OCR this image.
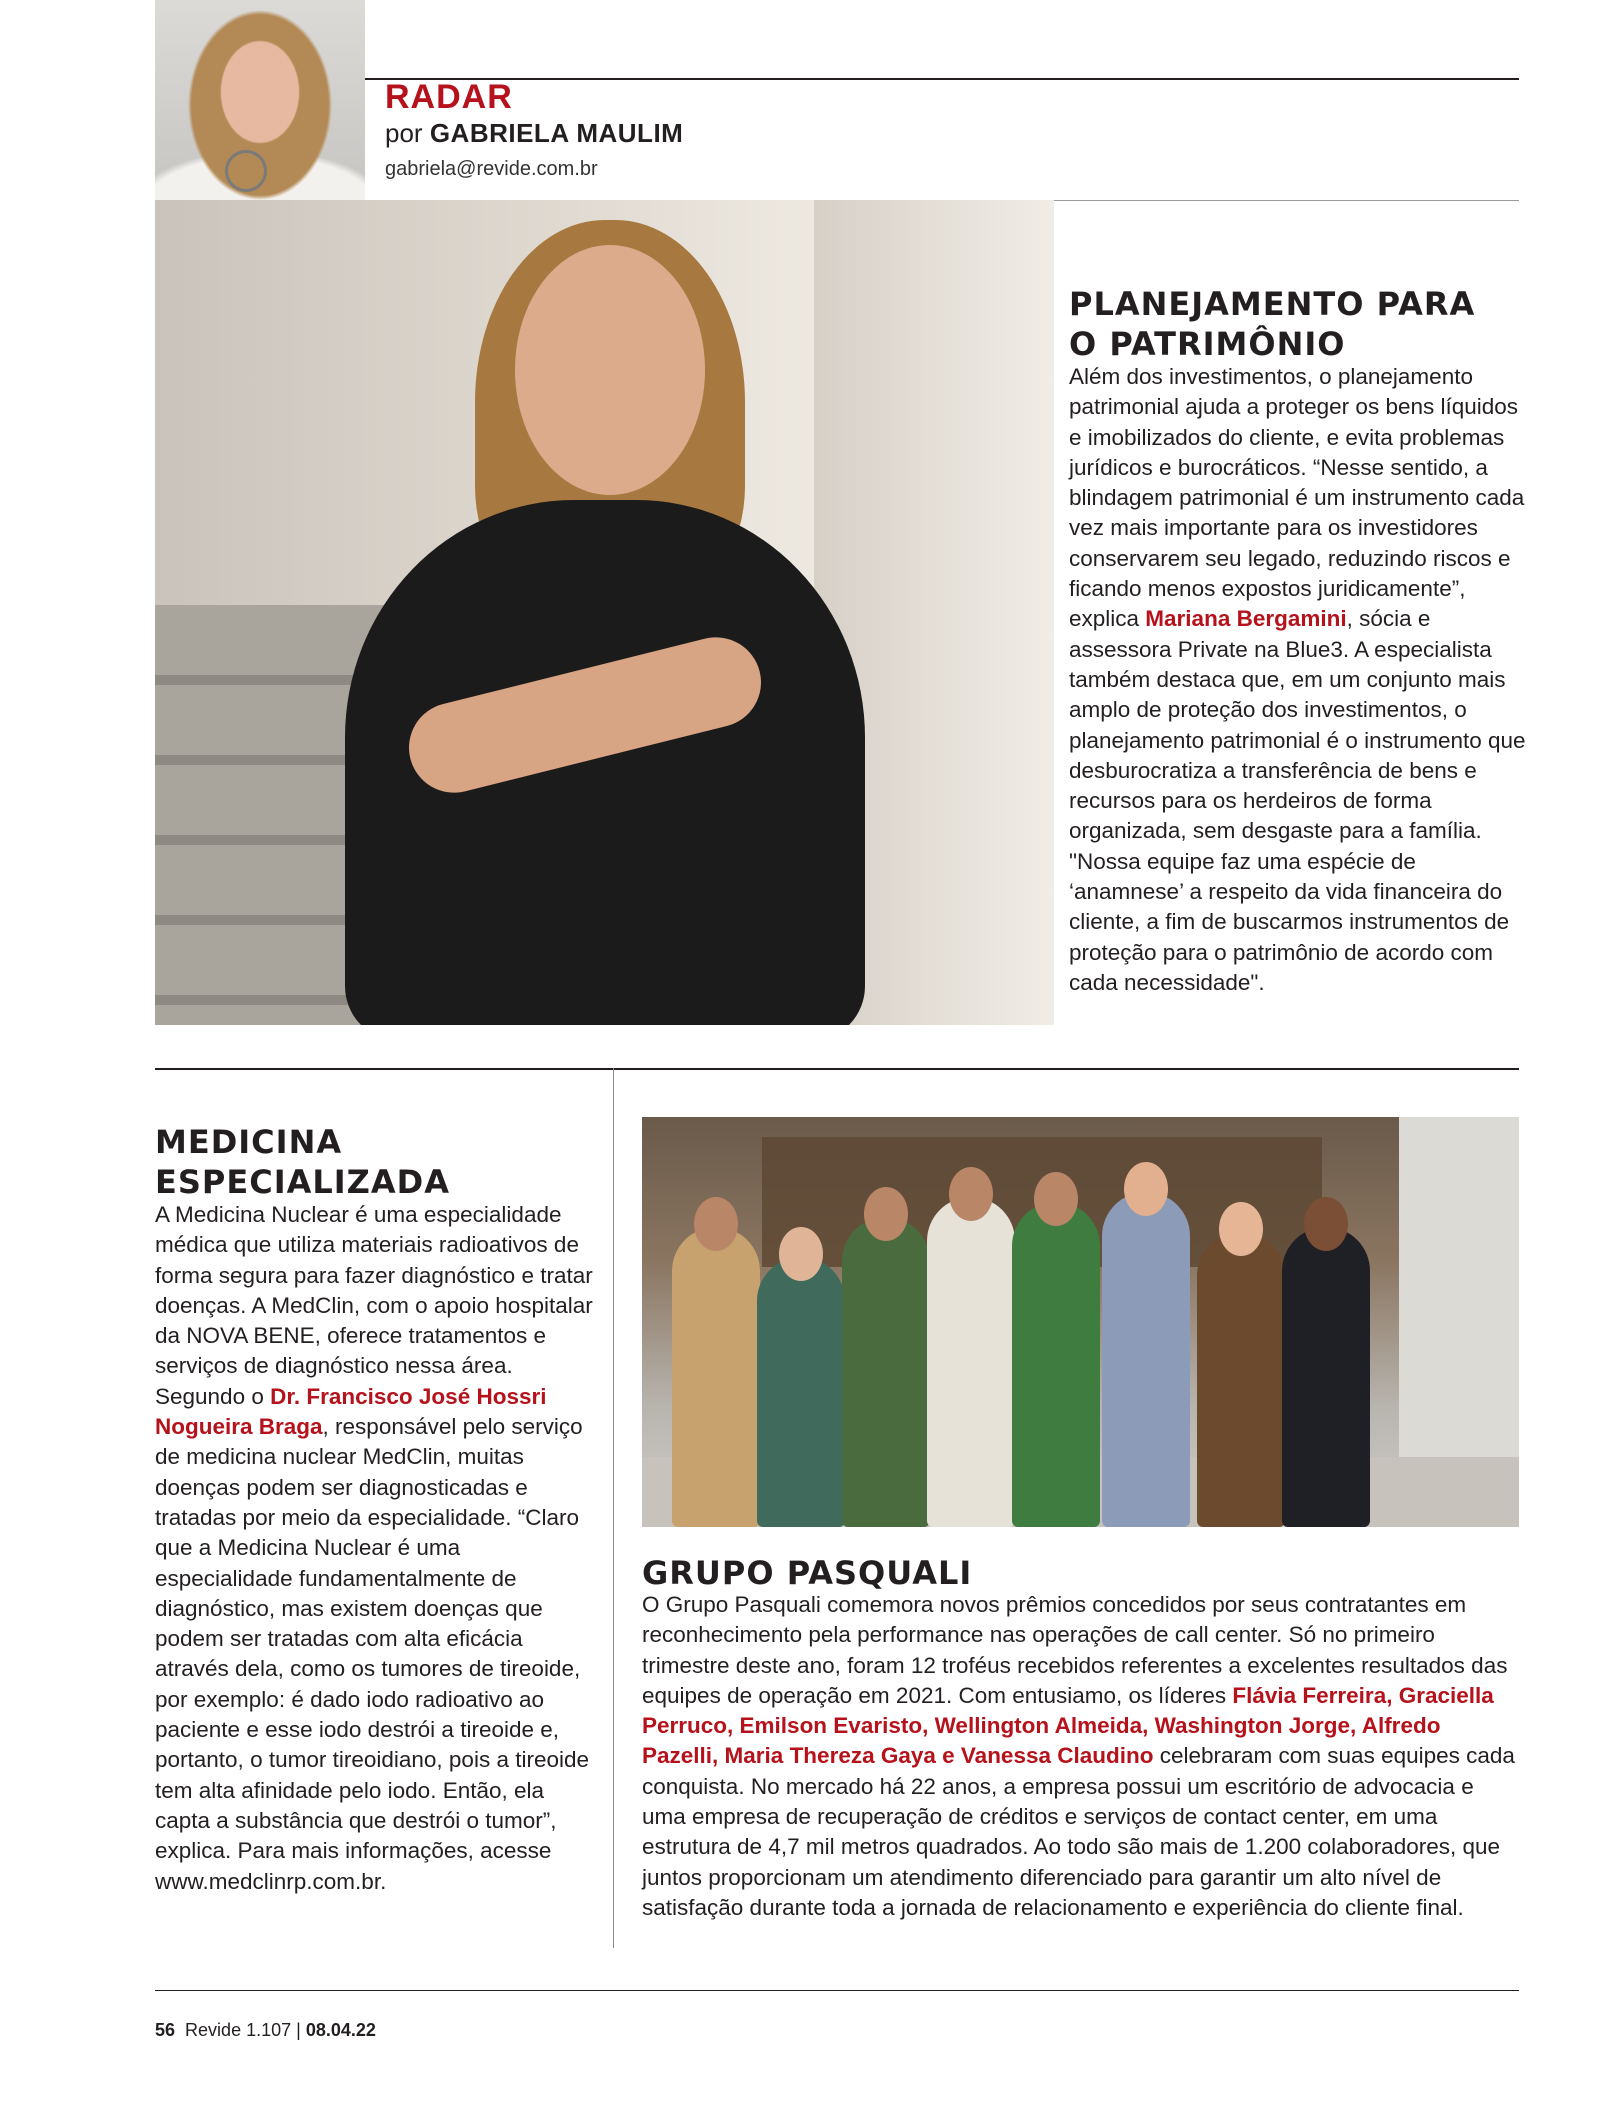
RADAR
por GABRIELA MAULIM
gabriela@revide.com.br
PLANEJAMENTO PARA
O PATRIMÔNIO

Além dos investimentos, o planejamento patrimonial ajuda a proteger os bens líquidos e imobilizados do cliente, e evita problemas jurídicos e burocráticos. “Nesse sentido, a blindagem patrimonial é um instrumento cada vez mais importante para os investidores conservarem seu legado, reduzindo riscos e ficando menos expostos juridicamente”, explica Mariana Bergamini, sócia e assessora Private na Blue3. A especialista também destaca que, em um conjunto mais amplo de proteção dos investimentos, o planejamento patrimonial é o instrumento que desburocratiza a transferência de bens e recursos para os herdeiros de forma organizada, sem desgaste para a família. "Nossa equipe faz uma espécie de ‘anamnese’ a respeito da vida financeira do cliente, a fim de buscarmos instrumentos de proteção para o patrimônio de acordo com cada necessidade".

MEDICINA
ESPECIALIZADA

A Medicina Nuclear é uma especialidade médica que utiliza materiais radioativos de forma segura para fazer diagnóstico e tratar doenças. A MedClin, com o apoio hospitalar da NOVA BENE, oferece tratamentos e serviços de diagnóstico nessa área. Segundo o Dr. Francisco José Hossri Nogueira Braga, responsável pelo serviço de medicina nuclear MedClin, muitas doenças podem ser diagnosticadas e tratadas por meio da especialidade. “Claro que a Medicina Nuclear é uma especialidade fundamentalmente de diagnóstico, mas existem doenças que podem ser tratadas com alta eficácia através dela, como os tumores de tireoide, por exemplo: é dado iodo radioativo ao paciente e esse iodo destrói a tireoide e, portanto, o tumor tireoidiano, pois a tireoide tem alta afinidade pelo iodo. Então, ela capta a substância que destrói o tumor”, explica. Para mais informações, acesse www.medclinrp.com.br.

GRUPO PASQUALI

O Grupo Pasquali comemora novos prêmios concedidos por seus contratantes em reconhecimento pela performance nas operações de call center. Só no primeiro trimestre deste ano, foram 12 troféus recebidos referentes a excelentes resultados das equipes de operação em 2021. Com entusiamo, os líderes Flávia Ferreira, Graciella Perruco, Emilson Evaristo, Wellington Almeida, Washington Jorge, Alfredo Pazelli, Maria Thereza Gaya e Vanessa Claudino celebraram com suas equipes cada conquista. No mercado há 22 anos, a empresa possui um escritório de advocacia e uma empresa de recuperação de créditos e serviços de contact center, em uma estrutura de 4,7 mil metros quadrados. Ao todo são mais de 1.200 colaboradores, que juntos proporcionam um atendimento diferenciado para garantir um alto nível de satisfação durante toda a jornada de relacionamento e experiência do cliente final.

56 Revide 1.107 | 08.04.22
